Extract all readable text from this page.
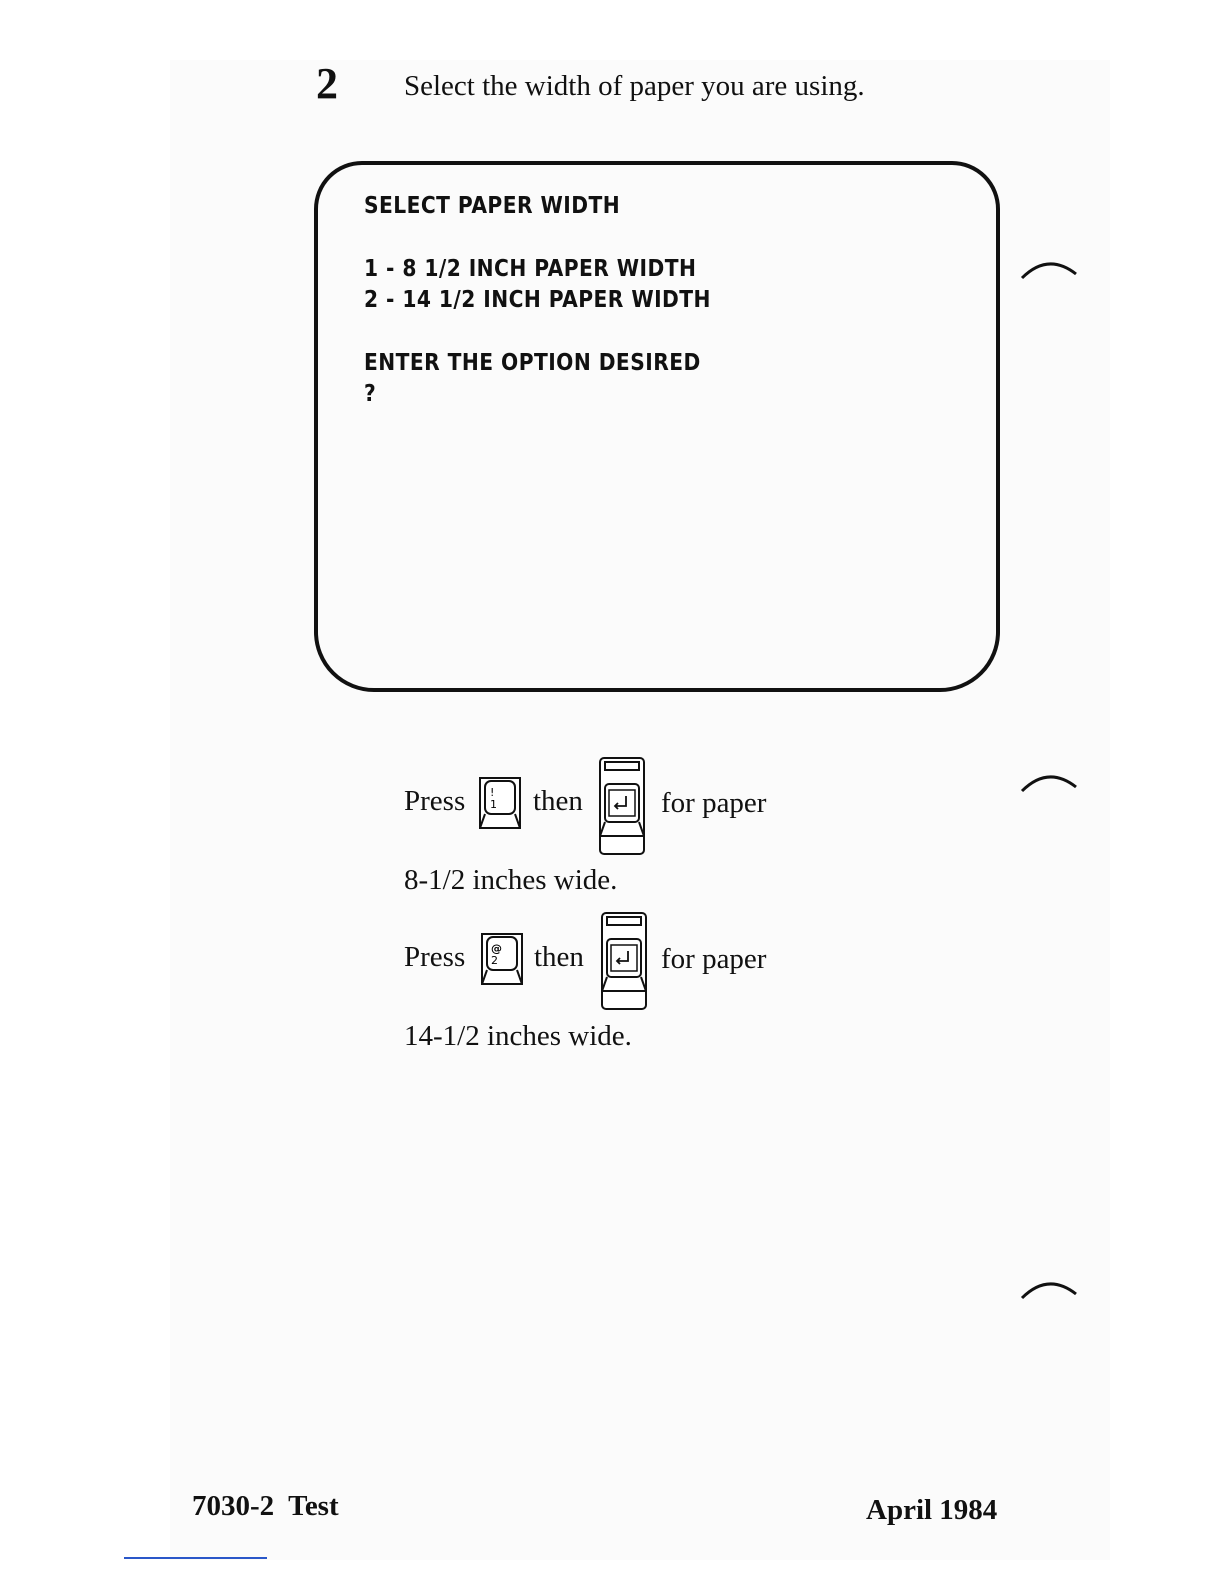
2 Select the width of paper you are using.
SELECT PAPER WIDTH
1 - 8 1/2 INCH PAPER WIDTH
2 - 14 1/2 INCH PAPER WIDTH
ENTER THE OPTION DESIRED
?
Press !
1 then	for paper
8-1/2 inches wide.
Press @
2 then	for paper
14-1/2 inches wide.
7030-2  Test	April 1984
